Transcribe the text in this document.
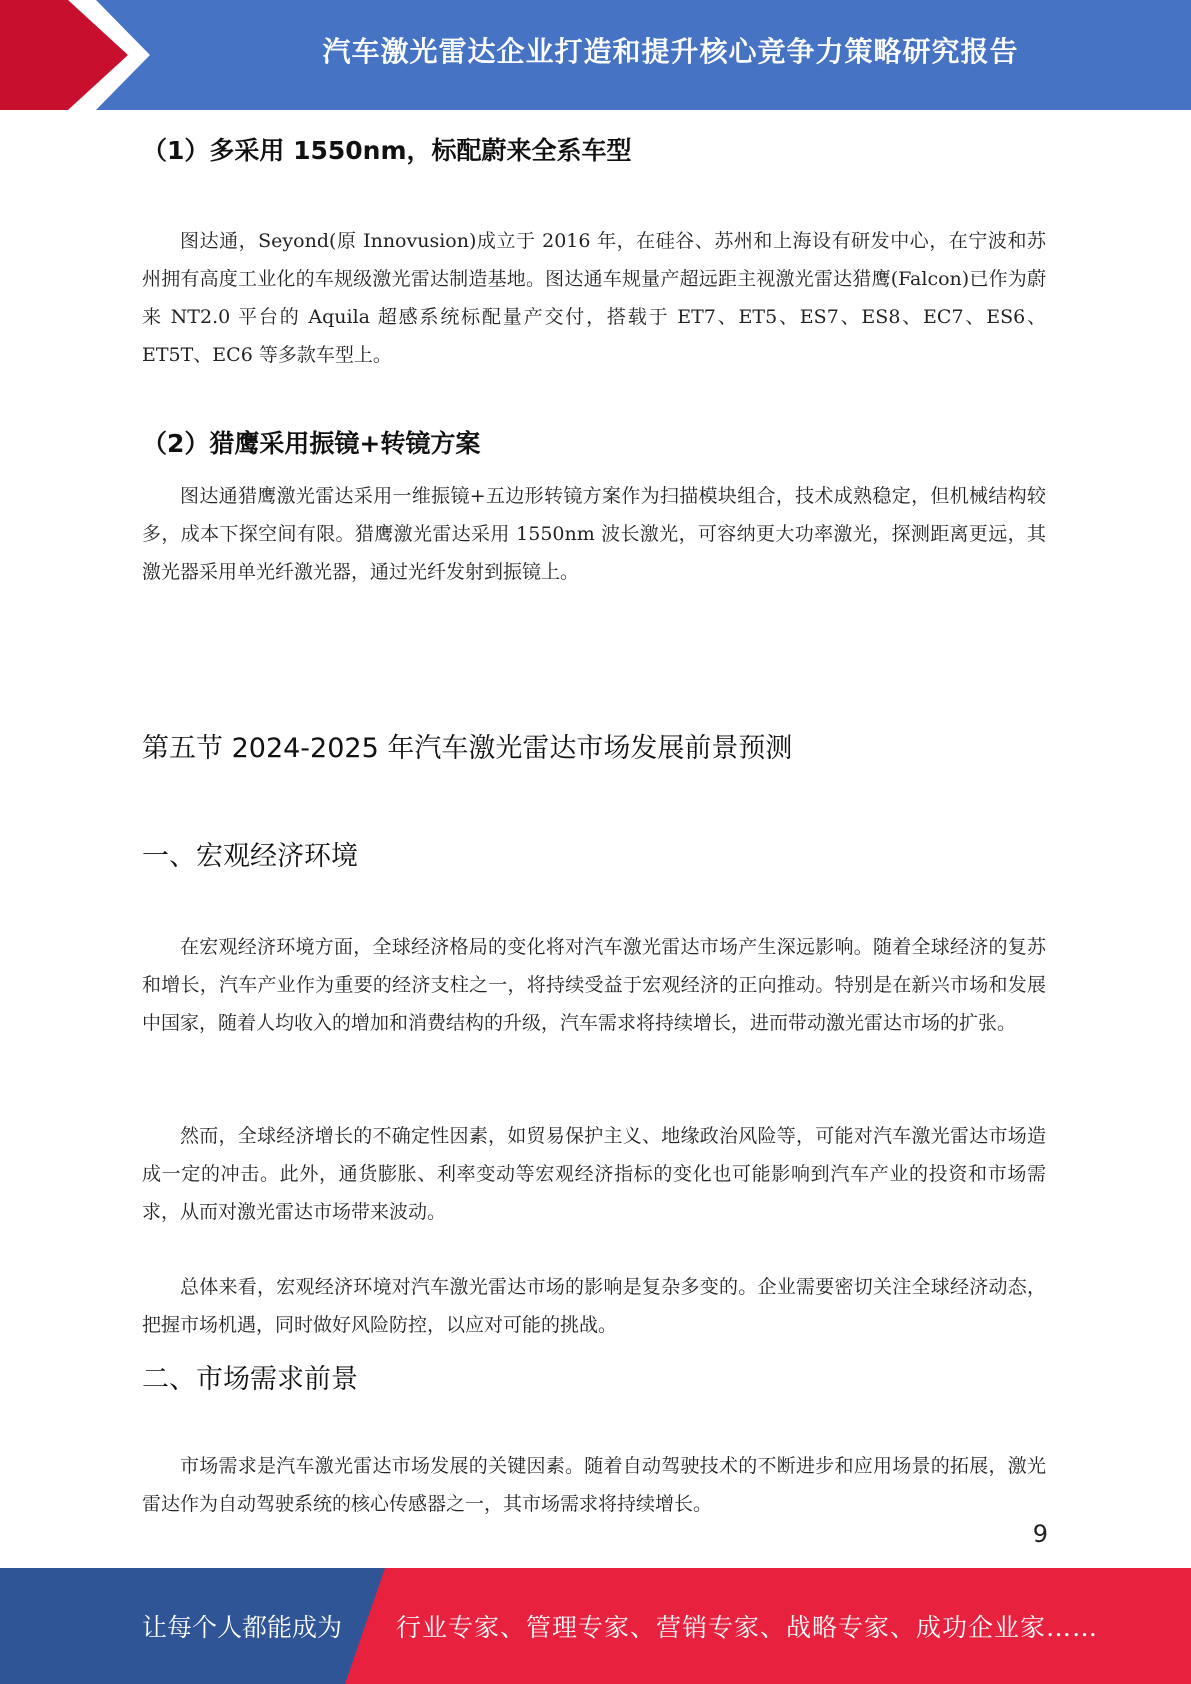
汽车激光雷达企业打造和提升核心竞争力策略研究报告
（1）多采用 1550nm，标配蔚来全系车型

图达通，Seyond(原 Innovusion)成立于 2016 年，在硅谷、苏州和上海设有研发中心，在宁波和苏州拥有高度工业化的车规级激光雷达制造基地。图达通车规量产超远距主视激光雷达猎鹰(Falcon)已作为蔚来 NT2.0 平台的 Aquila 超感系统标配量产交付，搭载于 ET7、ET5、ES7、ES8、EC7、ES6、ET5T、EC6 等多款车型上。

（2）猎鹰采用振镜+转镜方案

图达通猎鹰激光雷达采用一维振镜+五边形转镜方案作为扫描模块组合，技术成熟稳定，但机械结构较多，成本下探空间有限。猎鹰激光雷达采用 1550nm 波长激光，可容纳更大功率激光，探测距离更远，其激光器采用单光纤激光器，通过光纤发射到振镜上。

第五节 2024-2025 年汽车激光雷达市场发展前景预测
一、宏观经济环境

在宏观经济环境方面，全球经济格局的变化将对汽车激光雷达市场产生深远影响。随着全球经济的复苏和增长，汽车产业作为重要的经济支柱之一，将持续受益于宏观经济的正向推动。特别是在新兴市场和发展中国家，随着人均收入的增加和消费结构的升级，汽车需求将持续增长，进而带动激光雷达市场的扩张。

然而，全球经济增长的不确定性因素，如贸易保护主义、地缘政治风险等，可能对汽车激光雷达市场造成一定的冲击。此外，通货膨胀、利率变动等宏观经济指标的变化也可能影响到汽车产业的投资和市场需求，从而对激光雷达市场带来波动。

总体来看，宏观经济环境对汽车激光雷达市场的影响是复杂多变的。企业需要密切关注全球经济动态，把握市场机遇，同时做好风险防控，以应对可能的挑战。

二、市场需求前景

市场需求是汽车激光雷达市场发展的关键因素。随着自动驾驶技术的不断进步和应用场景的拓展，激光雷达作为自动驾驶系统的核心传感器之一，其市场需求将持续增长。

9
让每个人都能成为 行业专家、管理专家、营销专家、战略专家、成功企业家……
